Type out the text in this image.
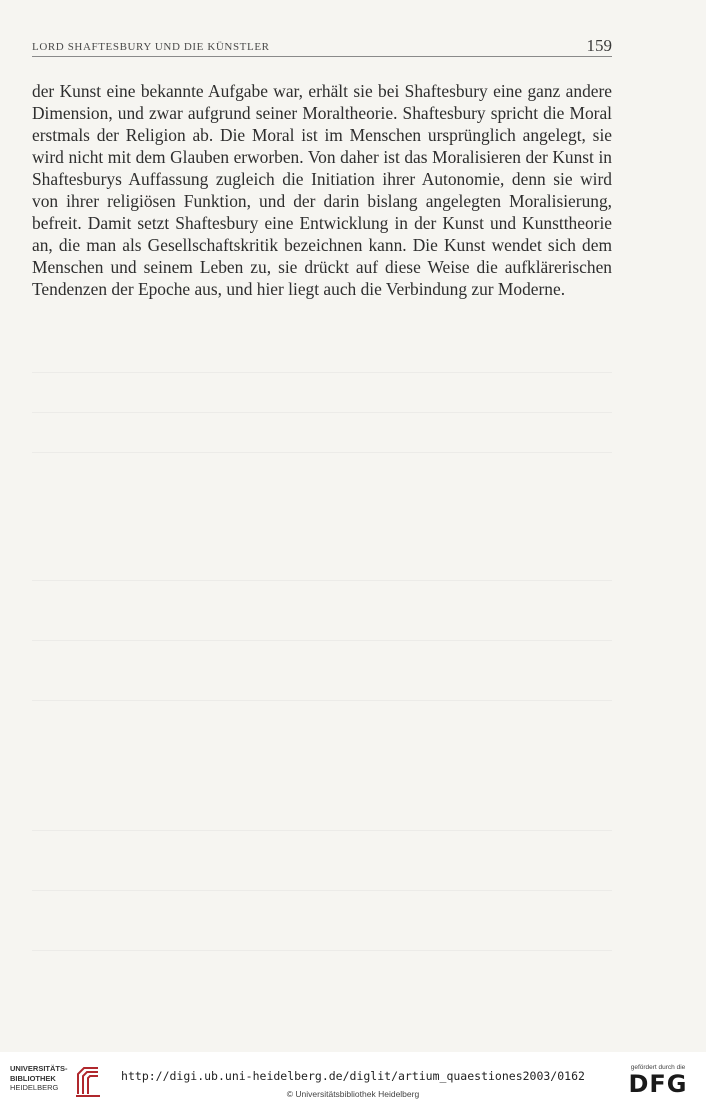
LORD SHAFTESBURY UND DIE KÜNSTLER	159

der Kunst eine bekannte Aufgabe war, erhält sie bei Shaftesbury eine ganz andere Dimension, und zwar aufgrund seiner Moraltheorie. Shaftesbury spricht die Moral erstmals der Religion ab. Die Moral ist im Menschen ursprünglich angelegt, sie wird nicht mit dem Glauben erworben. Von daher ist das Moralisieren der Kunst in Shaftesburys Auffassung zugleich die Initiation ihrer Autonomie, denn sie wird von ihrer religiösen Funktion, und der darin bislang angelegten Moralisierung, befreit. Damit setzt Shaftesbury eine Entwicklung in der Kunst und Kunsttheorie an, die man als Gesellschaftskritik bezeichnen kann. Die Kunst wendet sich dem Menschen und seinem Leben zu, sie drückt auf diese Weise die aufklärerischen Tendenzen der Epoche aus, und hier liegt auch die Verbindung zur Moderne.

UNIVERSITÄTS-
BIBLIOTHEK
HEIDELBERG
http://digi.ub.uni-heidelberg.de/diglit/artium_quaestiones2003/0162
© Universitätsbibliothek Heidelberg
gefördert durch die
DFG
